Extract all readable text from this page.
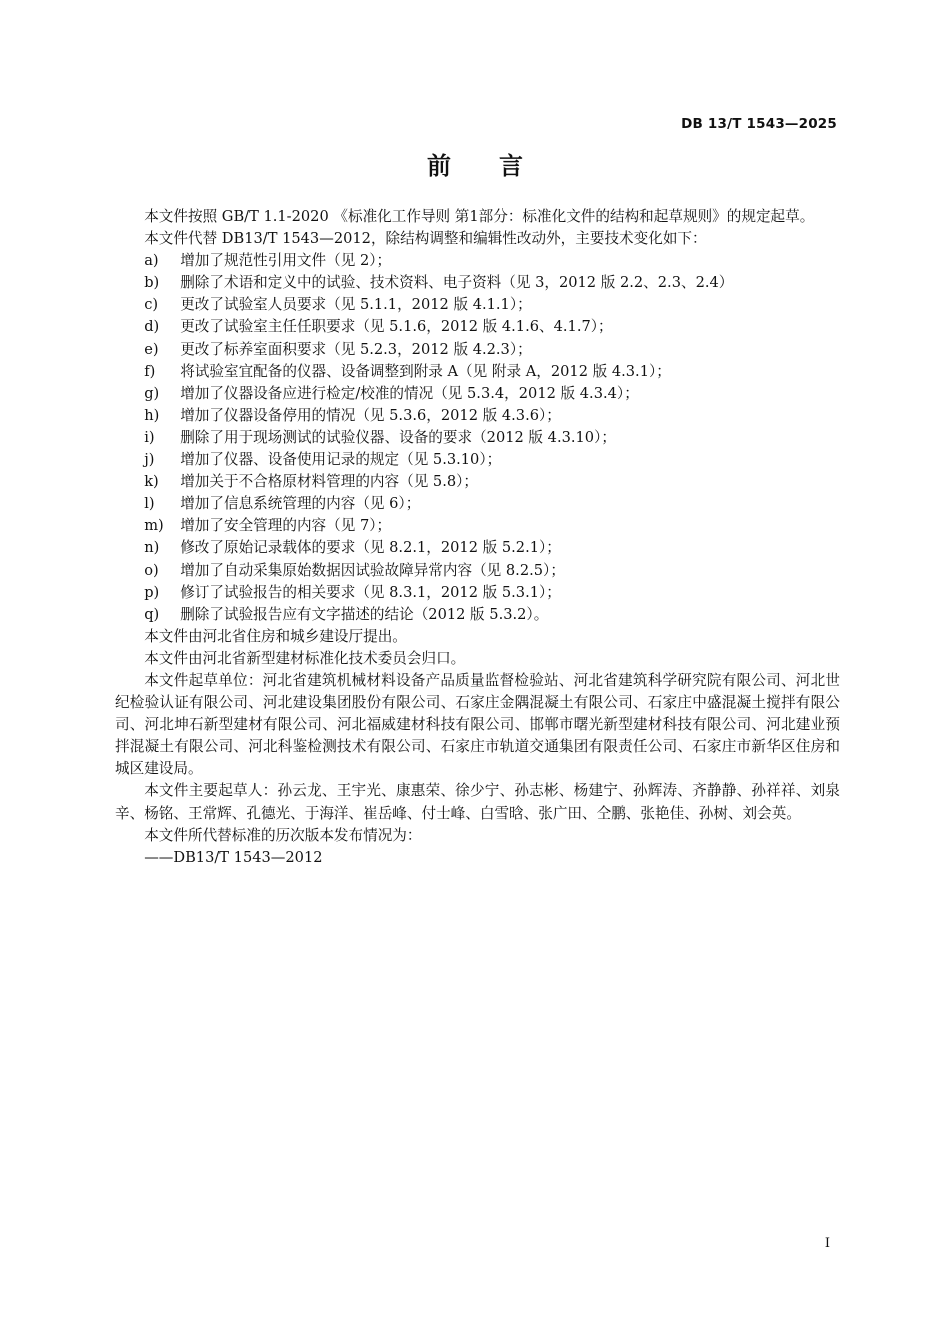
DB 13/T 1543—2025
前言

本文件按照 GB/T 1.1-2020 《标准化工作导则 第1部分：标准化文件的结构和起草规则》的规定起草。

本文件代替 DB13/T 1543—2012，除结构调整和编辑性改动外，主要技术变化如下：

a)	增加了规范性引用文件（见 2）；
b)	删除了术语和定义中的试验、技术资料、电子资料（见 3，2012 版 2.2、2.3、2.4）
c)	更改了试验室人员要求（见 5.1.1，2012 版 4.1.1）；
d)	更改了试验室主任任职要求（见 5.1.6，2012 版 4.1.6、4.1.7）；
e)	更改了标养室面积要求（见 5.2.3，2012 版 4.2.3）；
f)	将试验室宜配备的仪器、设备调整到附录 A（见 附录 A，2012 版 4.3.1）；
g)	增加了仪器设备应进行检定/校准的情况（见 5.3.4，2012 版 4.3.4）；
h)	增加了仪器设备停用的情况（见 5.3.6，2012 版 4.3.6）；
i)	删除了用于现场测试的试验仪器、设备的要求（2012 版 4.3.10）；
j)	增加了仪器、设备使用记录的规定（见 5.3.10）；
k)	增加关于不合格原材料管理的内容（见 5.8）；
l)	增加了信息系统管理的内容（见 6）；
m)	增加了安全管理的内容（见 7）；
n)	修改了原始记录载体的要求（见 8.2.1，2012 版 5.2.1）；
o)	增加了自动采集原始数据因试验故障异常内容（见 8.2.5）；
p)	修订了试验报告的相关要求（见 8.3.1，2012 版 5.3.1）；
q)	删除了试验报告应有文字描述的结论（2012 版 5.3.2）。

本文件由河北省住房和城乡建设厅提出。

本文件由河北省新型建材标准化技术委员会归口。

本文件起草单位：河北省建筑机械材料设备产品质量监督检验站、河北省建筑科学研究院有限公司、河北世纪检验认证有限公司、河北建设集团股份有限公司、石家庄金隅混凝土有限公司、石家庄中盛混凝土搅拌有限公司、河北坤石新型建材有限公司、河北福威建材科技有限公司、邯郸市曙光新型建材科技有限公司、河北建业预拌混凝土有限公司、河北科鉴检测技术有限公司、石家庄市轨道交通集团有限责任公司、石家庄市新华区住房和城区建设局。

本文件主要起草人：孙云龙、王宇光、康惠荣、徐少宁、孙志彬、杨建宁、孙辉涛、齐静静、孙祥祥、刘泉辛、杨铭、王常辉、孔德光、于海洋、崔岳峰、付士峰、白雪晗、张广田、仝鹏、张艳佳、孙树、刘会英。

本文件所代替标准的历次版本发布情况为：

——DB13/T 1543—2012

I
